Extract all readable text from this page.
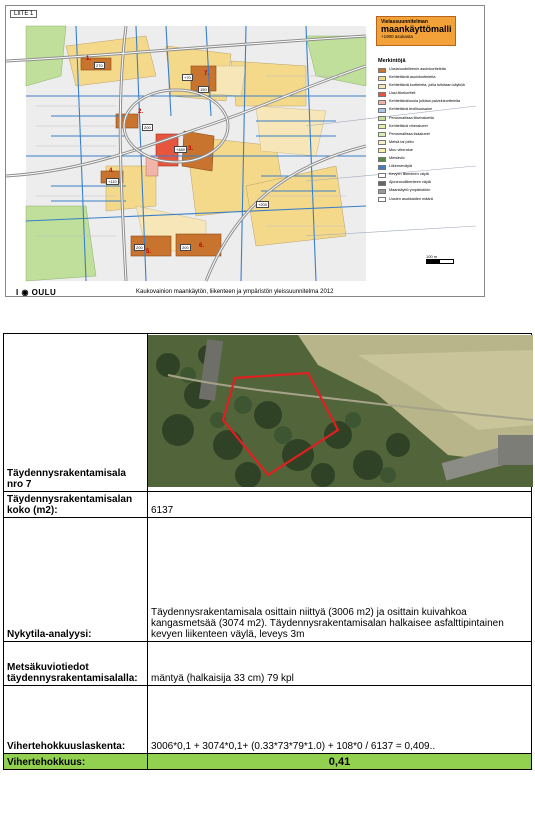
LIITE 1
Vielassuunnitelman
maankäyttömalli
+1900 asukasta
Merkintöjä
Uusia/uudelleenin asuinkortteleita
Kehitettäviä asuinkortteleita
Kehitettäviä kortteleita, joilla tutkitaan käyttöä
Uusi liikekortteli
Kehitettävä/uusia julkisia palvelukortteleita
Kehitettävä teollisuusalue
Perusmallissa liikenaluetta
Kehitettävä viheralueet
Perusmallissa lisäalueet
Metsä tai pelto
Muu viheralue
Metsäviiv
Liikenneväylä
Kevyen liikenteen väylä
Ajoneuvoliikenteen väylä
Maankäyttö ympäristöön
Uusien asukkaiden määrä
100 m
1.
2.
3.
4.
5.
6.
7.
270
+70
150
200
+480
+110
+200
200	200
I ◉ OULU	Kaukovainion maankäytön, liikenteen ja ympäristön yleissuunnitelma 2012
Täydennysrakentamisala nro 7	

Täydennysrakentamisalan koko (m2):	6137
Nykytila-analyysi:	Täydennysrakentamisala osittain niittyä (3006 m2) ja osittain kuivahkoa kangasmetsää (3074 m2). Täydennysrakentamisalan halkaisee asfalttipintainen kevyen liikenteen väylä, leveys 3m
Metsäkuviotiedot täydennysrakentamisalalla:	mäntyä (halkaisija 33 cm) 79 kpl
Vihertehokkuuslaskenta:	3006*0,1 + 3074*0,1+ (0.33*73*79*1.0) + 108*0 / 6137 = 0,409..
Vihertehokkuus:	0,41
